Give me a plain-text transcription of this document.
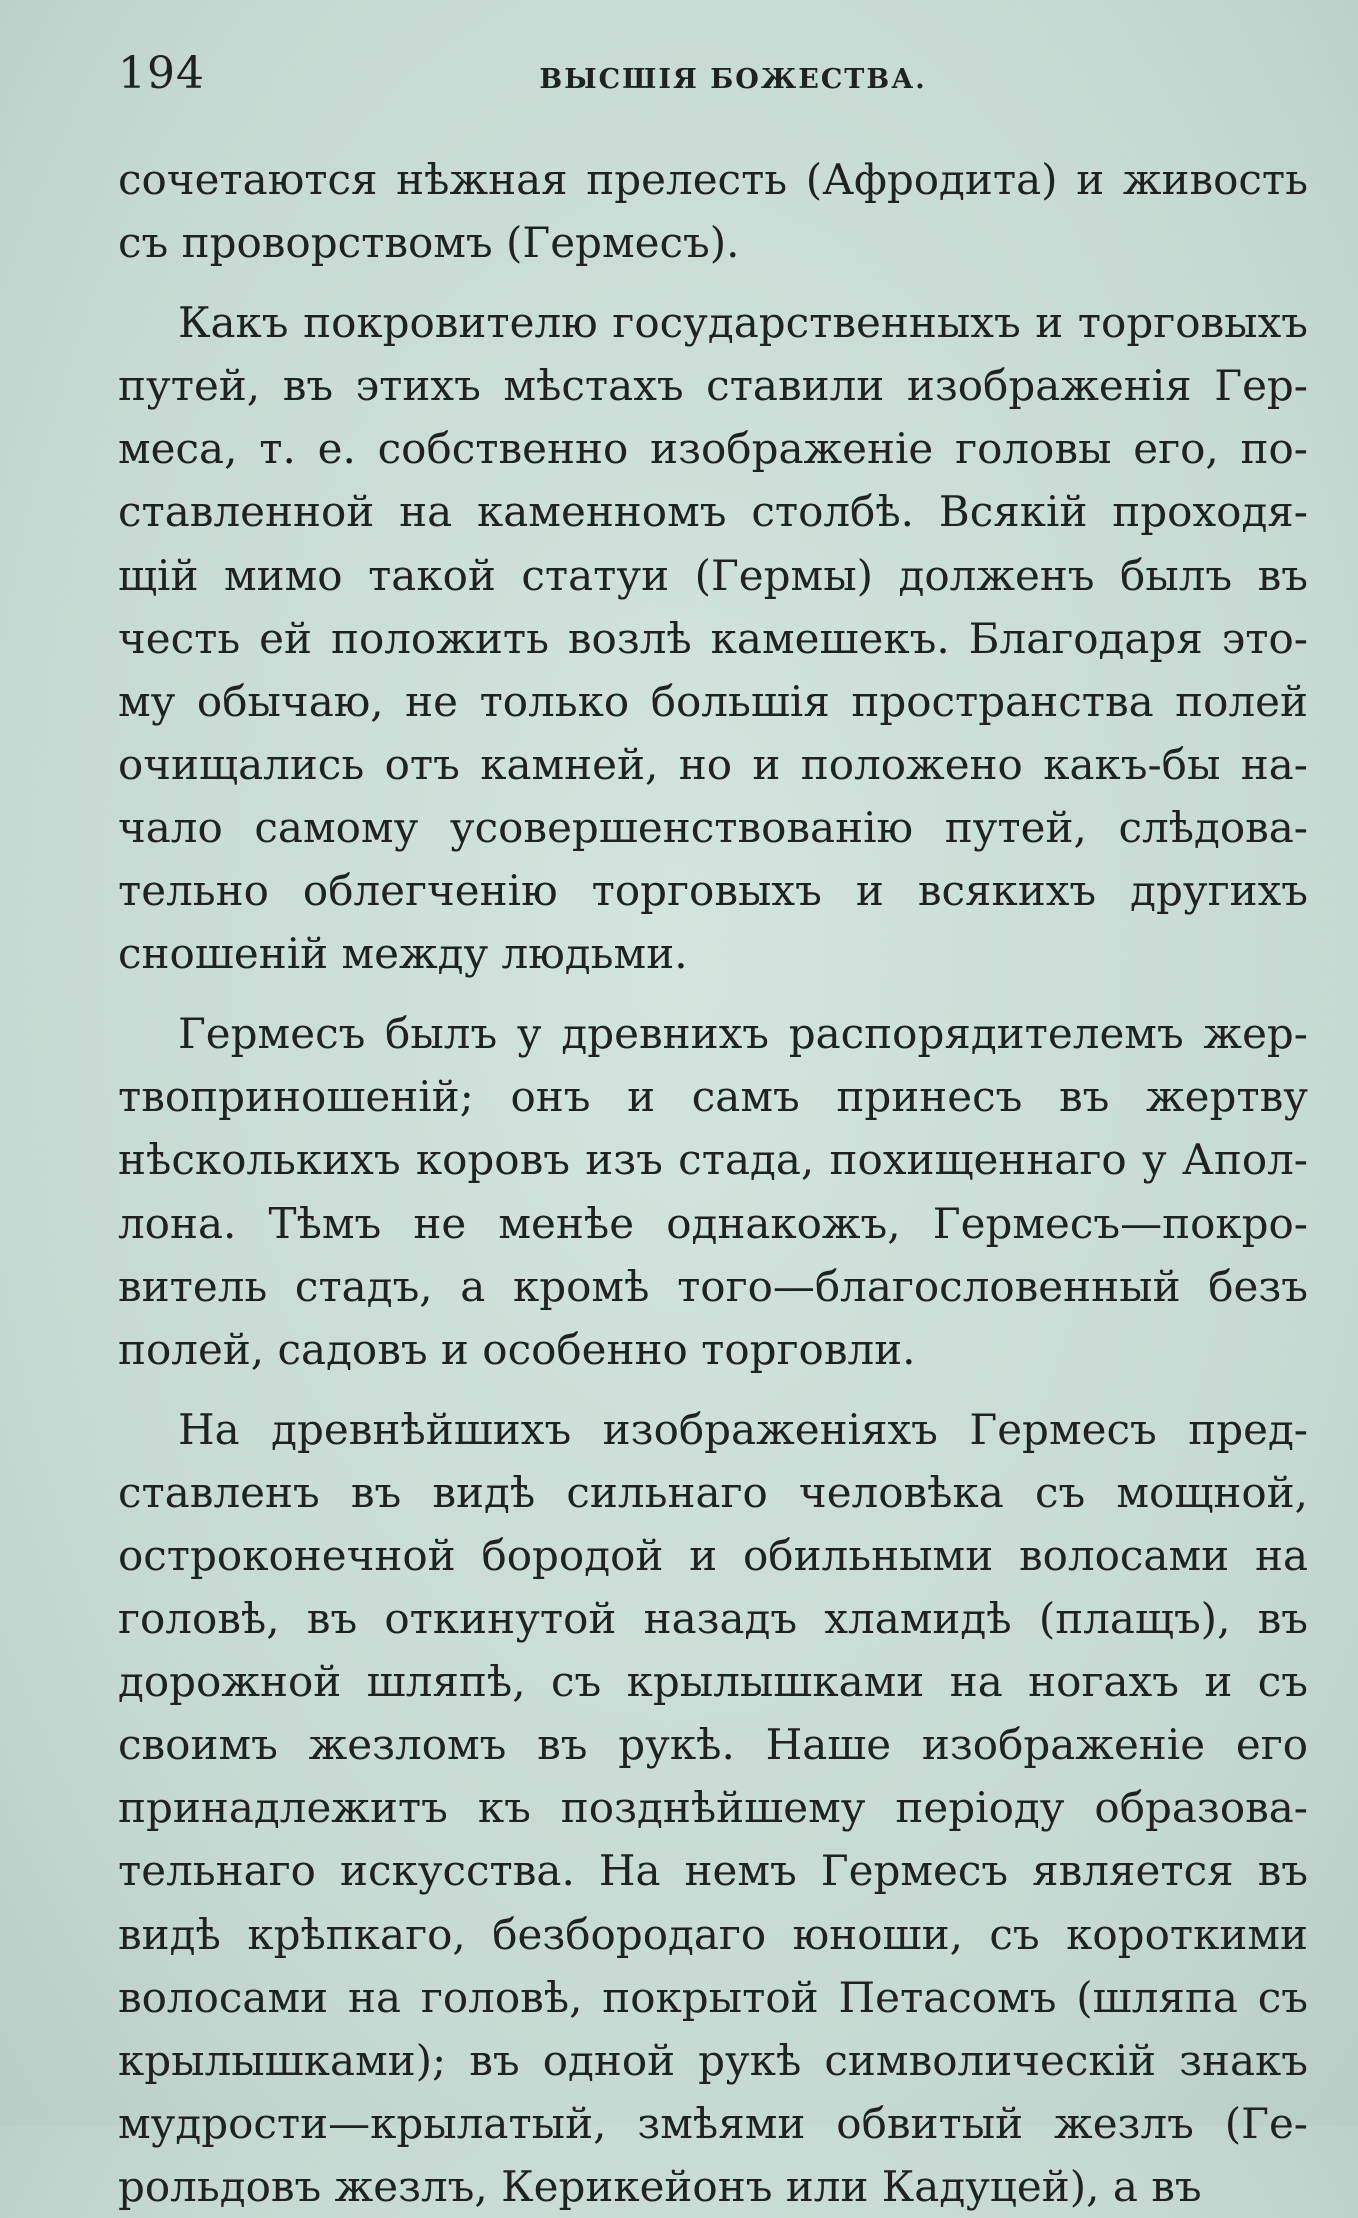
194	ВЫСШІЯ БОЖЕСТВА.
сочетаются нѣжная прелесть (Афродита) и живость
съ проворствомъ (Гермесъ).
Какъ покровителю государственныхъ и торговыхъ
путей, въ этихъ мѣстахъ ставили изображенія Гер-
меса, т. е. собственно изображеніе головы его, по-
ставленной на каменномъ столбѣ. Всякій проходя-
щій мимо такой статуи (Гермы) долженъ былъ въ
честь ей положить возлѣ камешекъ. Благодаря это-
му обычаю, не только большія пространства полей
очищались отъ камней, но и положено какъ-бы на-
чало самому усовершенствованію путей, слѣдова-
тельно облегченію торговыхъ и всякихъ другихъ
сношеній между людьми.
Гермесъ былъ у древнихъ распорядителемъ жер-
твоприношеній; онъ и самъ принесъ въ жертву
нѣсколькихъ коровъ изъ стада, похищеннаго у Апол-
лона. Тѣмъ не менѣе однакожъ, Гермесъ—покро-
витель стадъ, а кромѣ того—благословенный безъ
полей, садовъ и особенно торговли.
На древнѣйшихъ изображеніяхъ Гермесъ пред-
ставленъ въ видѣ сильнаго человѣка съ мощной,
остроконечной бородой и обильными волосами на
головѣ, въ откинутой назадъ хламидѣ (плащъ), въ
дорожной шляпѣ, съ крылышками на ногахъ и съ
своимъ жезломъ въ рукѣ. Наше изображеніе его
принадлежитъ къ позднѣйшему періоду образова-
тельнаго искусства. На немъ Гермесъ является въ
видѣ крѣпкаго, безбородаго юноши, съ короткими
волосами на головѣ, покрытой Петасомъ (шляпа съ
крылышками); въ одной рукѣ символическій знакъ
мудрости—крылатый, змѣями обвитый жезлъ (Ге-
рольдовъ жезлъ, Керикейонъ или Кадуцей), а въ
